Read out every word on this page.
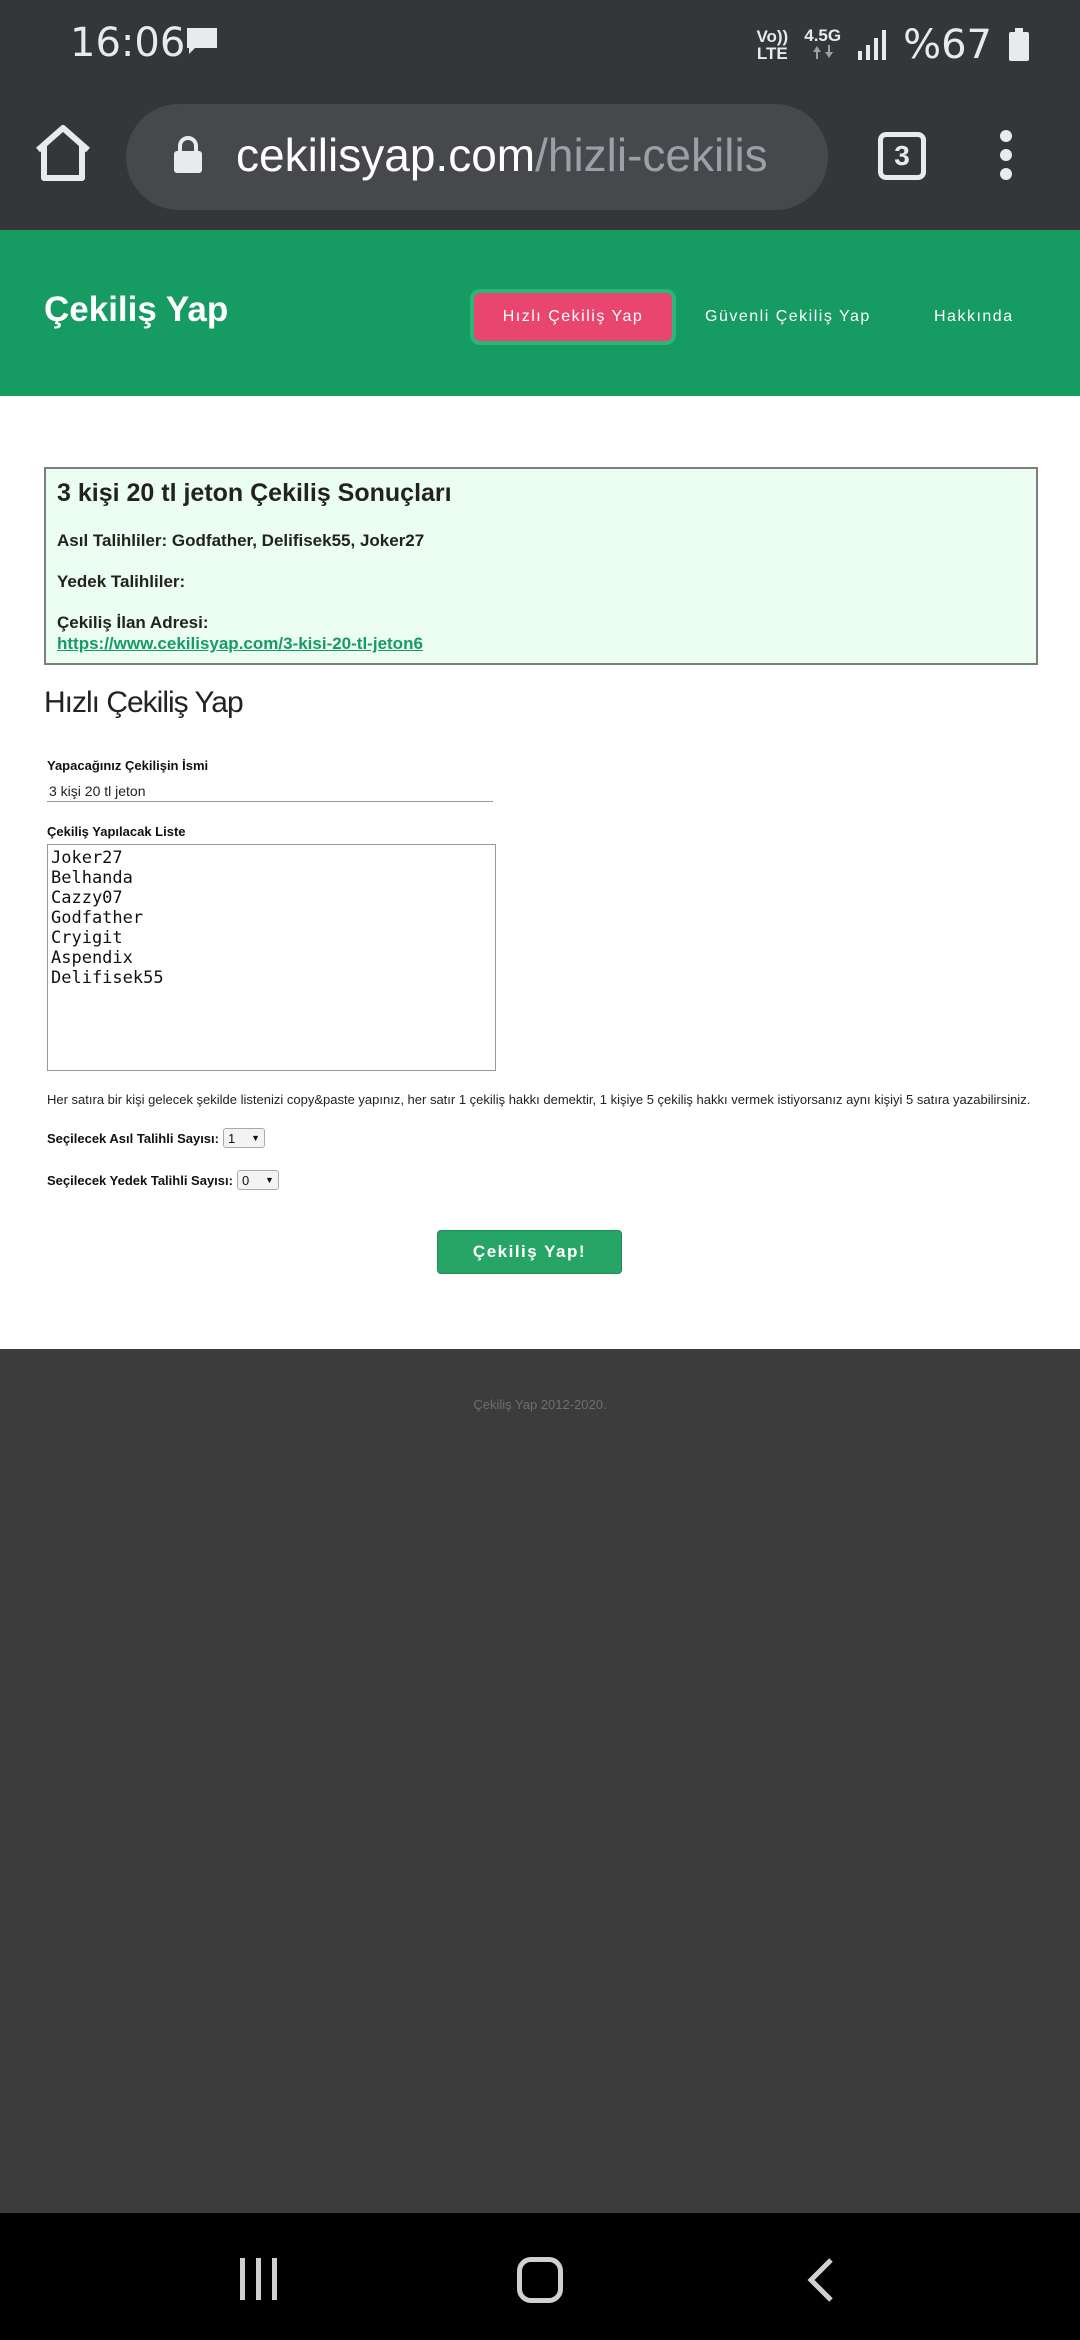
16:06	Vo))
LTE
4.5G %67
cekilisyap.com/hizli-cekilis	3
Çekiliş Yap	Hızlı Çekiliş Yap	Güvenli Çekiliş Yap	Hakkında
3 kişi 20 tl jeton Çekiliş Sonuçları
Asıl Talihliler: Godfather, Delifisek55, Joker27
Yedek Talihliler:
Çekiliş İlan Adresi:
https://www.cekilisyap.com/3-kisi-20-tl-jeton6
Hızlı Çekiliş Yap
Yapacağınız Çekilişin İsmi
3 kişi 20 tl jeton
Çekiliş Yapılacak Liste
Joker27
Belhanda
Cazzy07
Godfather
Cryigit
Aspendix
Delifisek55
Her satıra bir kişi gelecek şekilde listenizi copy&paste yapınız, her satır 1 çekiliş hakkı demektir, 1 kişiye 5 çekiliş hakkı vermek istiyorsanız aynı kişiyi 5 satıra yazabilirsiniz.
Seçilecek Asıl Talihli Sayısı: 1 ▼
Seçilecek Yedek Talihli Sayısı: 0 ▼
Çekiliş Yap!
Çekiliş Yap 2012-2020.
